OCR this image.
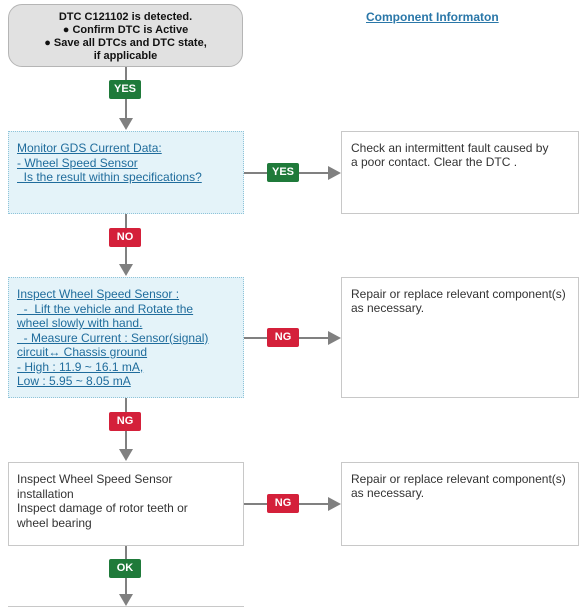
DTC C121102 is detected.
● Confirm DTC is Active
● Save all DTCs and DTC state,
if applicable
Component Informaton
YES
Monitor GDS Current Data:
- Wheel Speed Sensor
Is the result within specifications?	YES
Check an intermittent fault caused by
a poor contact. Clear the DTC .
NO
Inspect Wheel Speed Sensor :
-  Lift the vehicle and Rotate the
wheel slowly with hand.
- Measure Current : Sensor(signal)
circuit↔ Chassis ground
- High : 11.9 ~ 16.1 mA,
Low : 5.95 ~ 8.05 mA
NG
Repair or replace relevant component(s)
as necessary.
NG
Inspect Wheel Speed Sensor
installation
Inspect damage of rotor teeth or
wheel bearing
NG
Repair or replace relevant component(s)
as necessary.
OK
